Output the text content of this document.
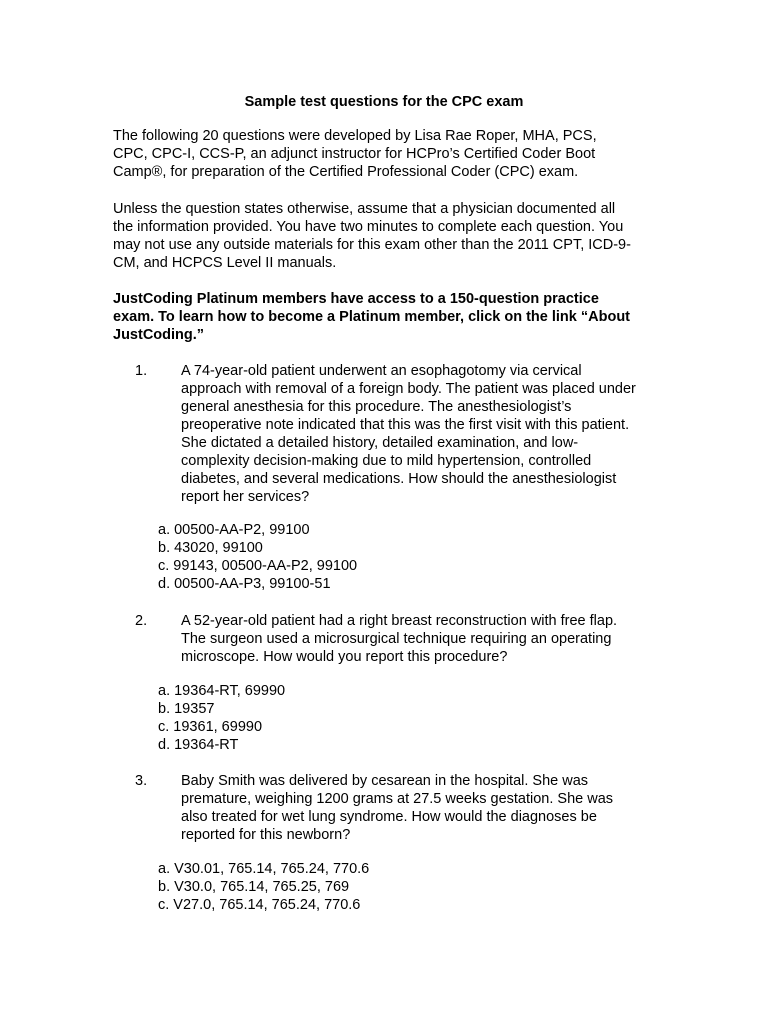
Sample test questions for the CPC exam
The following 20 questions were developed by Lisa Rae Roper, MHA, PCS,
CPC, CPC-I, CCS-P, an adjunct instructor for HCPro’s Certified Coder Boot
Camp®, for preparation of the Certified Professional Coder (CPC) exam.
Unless the question states otherwise, assume that a physician documented all
the information provided. You have two minutes to complete each question. You
may not use any outside materials for this exam other than the 2011 CPT, ICD-9-
CM, and HCPCS Level II manuals.
JustCoding Platinum members have access to a 150-question practice
exam. To learn how to become a Platinum member, click on the link “About
JustCoding.”
1. A 74-year-old patient underwent an esophagotomy via cervical
approach with removal of a foreign body. The patient was placed under
general anesthesia for this procedure. The anesthesiologist’s
preoperative note indicated that this was the first visit with this patient.
She dictated a detailed history, detailed examination, and low-
complexity decision-making due to mild hypertension, controlled
diabetes, and several medications. How should the anesthesiologist
report her services?
a. 00500-AA-P2, 99100
b. 43020, 99100
c. 99143, 00500-AA-P2, 99100
d. 00500-AA-P3, 99100-51
2. A 52-year-old patient had a right breast reconstruction with free flap.
The surgeon used a microsurgical technique requiring an operating
microscope. How would you report this procedure?
a. 19364-RT, 69990
b. 19357
c. 19361, 69990
d. 19364-RT
3. Baby Smith was delivered by cesarean in the hospital. She was
premature, weighing 1200 grams at 27.5 weeks gestation. She was
also treated for wet lung syndrome. How would the diagnoses be
reported for this newborn?
a. V30.01, 765.14, 765.24, 770.6
b. V30.0, 765.14, 765.25, 769
c. V27.0, 765.14, 765.24, 770.6
